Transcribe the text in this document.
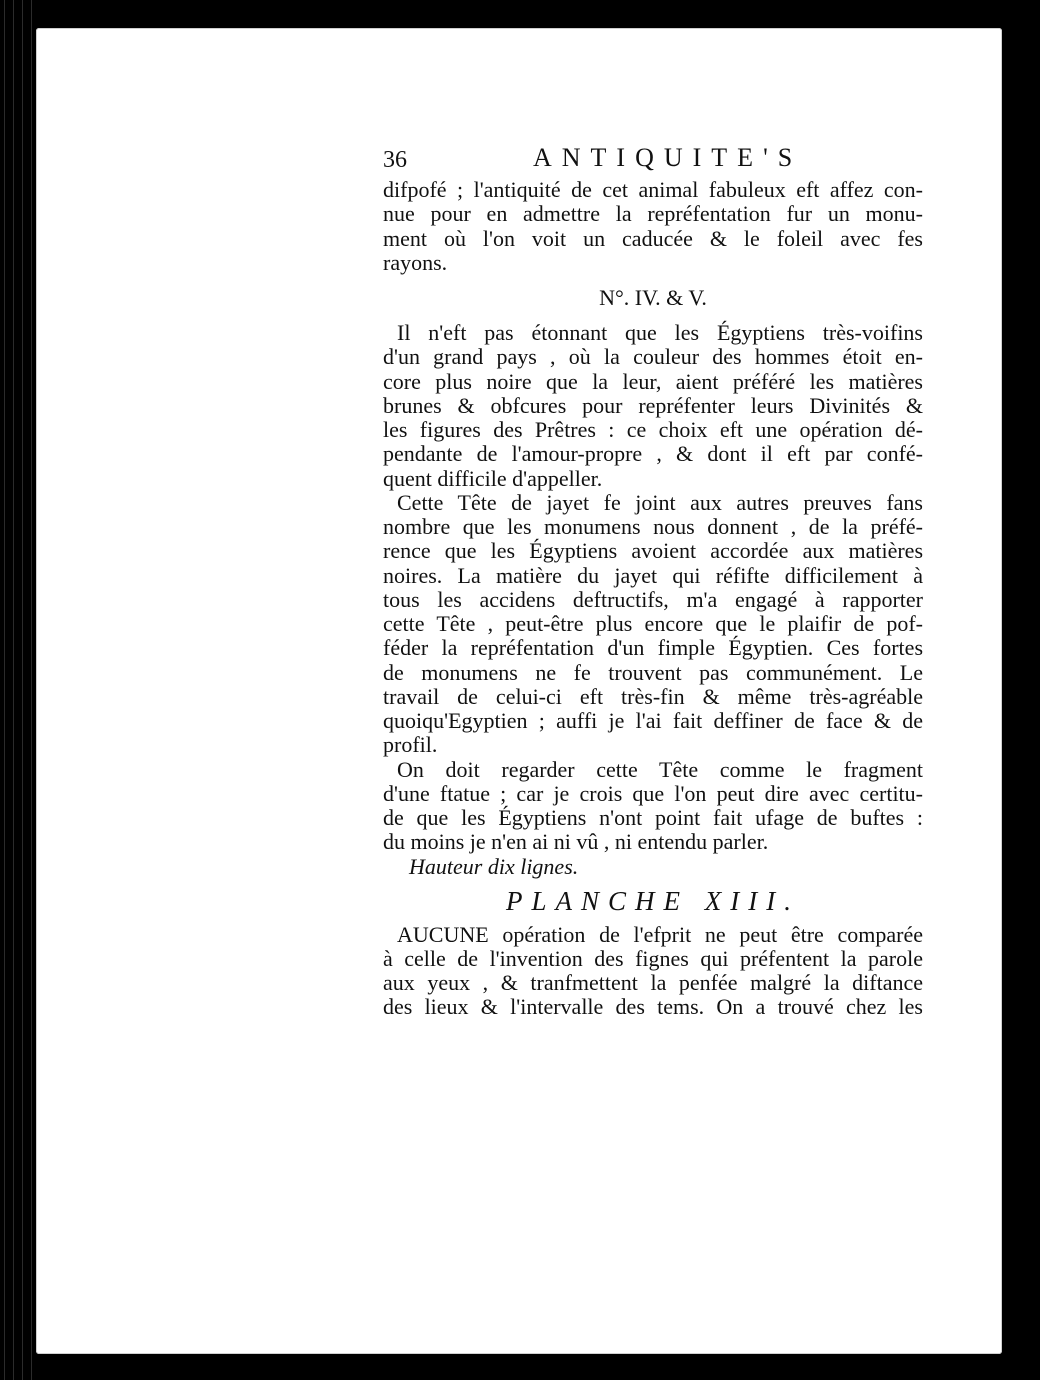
36	ANTIQUITE'S
difpofé ; l'antiquité de cet animal fabuleux eft affez con-
nue pour en admettre la repréfentation fur un monu-
ment où l'on voit un caducée & le foleil avec fes
rayons.
N°. IV. & V.
Il n'eft pas étonnant que les Égyptiens très-voifins
d'un grand pays , où la couleur des hommes étoit en-
core plus noire que la leur, aient préféré les matières
brunes & obfcures pour repréfenter leurs Divinités &
les figures des Prêtres : ce choix eft une opération dé-
pendante de l'amour-propre , & dont il eft par confé-
quent difficile d'appeller.
Cette Tête de jayet fe joint aux autres preuves fans
nombre que les monumens nous donnent , de la préfé-
rence que les Égyptiens avoient accordée aux matières
noires. La matière du jayet qui réfifte difficilement à
tous les accidens deftructifs, m'a engagé à rapporter
cette Tête , peut-être plus encore que le plaifir de pof-
féder la repréfentation d'un fimple Égyptien. Ces fortes
de monumens ne fe trouvent pas communément. Le
travail de celui-ci eft très-fin & même très-agréable
quoiqu'Egyptien ; auffi je l'ai fait deffiner de face & de
profil.
On doit regarder cette Tête comme le fragment
d'une ftatue ; car je crois que l'on peut dire avec certitu-
de que les Égyptiens n'ont point fait ufage de buftes :
du moins je n'en ai ni vû , ni entendu parler.
Hauteur dix lignes.
PLANCHE XIII.
AUCUNE opération de l'efprit ne peut être comparée
à celle de l'invention des fignes qui préfentent la parole
aux yeux , & tranfmettent la penfée malgré la diftance
des lieux & l'intervalle des tems. On a trouvé chez les
